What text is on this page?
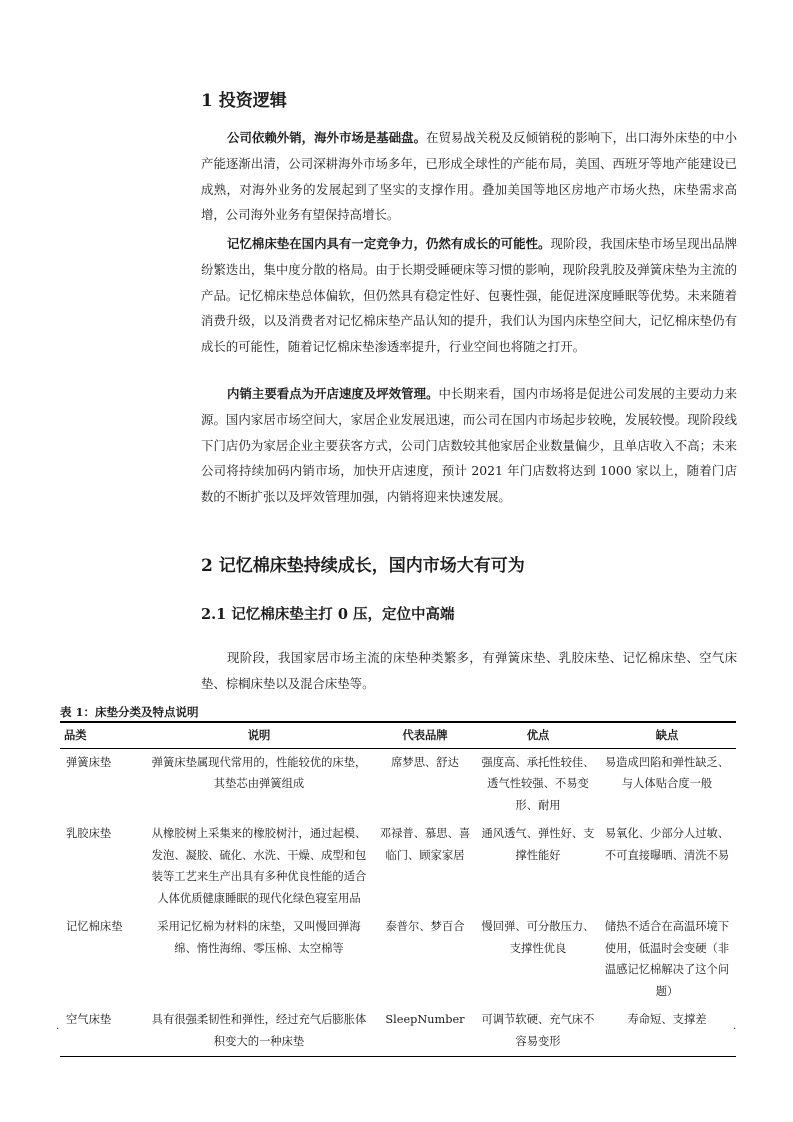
1 投资逻辑

公司依赖外销，海外市场是基础盘。在贸易战关税及反倾销税的影响下，出口海外床垫的中小产能逐渐出清，公司深耕海外市场多年，已形成全球性的产能布局，美国、西班牙等地产能建设已成熟，对海外业务的发展起到了坚实的支撑作用。叠加美国等地区房地产市场火热，床垫需求高增，公司海外业务有望保持高增长。

记忆棉床垫在国内具有一定竞争力，仍然有成长的可能性。现阶段，我国床垫市场呈现出品牌纷繁迭出，集中度分散的格局。由于长期受睡硬床等习惯的影响，现阶段乳胶及弹簧床垫为主流的产品。记忆棉床垫总体偏软，但仍然具有稳定性好、包裹性强，能促进深度睡眠等优势。未来随着消费升级，以及消费者对记忆棉床垫产品认知的提升，我们认为国内床垫空间大，记忆棉床垫仍有成长的可能性，随着记忆棉床垫渗透率提升，行业空间也将随之打开。

内销主要看点为开店速度及坪效管理。中长期来看，国内市场将是促进公司发展的主要动力来源。国内家居市场空间大，家居企业发展迅速，而公司在国内市场起步较晚，发展较慢。现阶段线下门店仍为家居企业主要获客方式，公司门店数较其他家居企业数量偏少，且单店收入不高；未来公司将持续加码内销市场，加快开店速度，预计 2021 年门店数将达到 1000 家以上，随着门店数的不断扩张以及坪效管理加强，内销将迎来快速发展。

2 记忆棉床垫持续成长，国内市场大有可为
2.1 记忆棉床垫主打 0 压，定位中高端

现阶段，我国家居市场主流的床垫种类繁多，有弹簧床垫、乳胶床垫、记忆棉床垫、空气床垫、棕榈床垫以及混合床垫等。

表 1：床垫分类及特点说明
品类	说明	代表品牌	优点	缺点
弹簧床垫	弹簧床垫属现代常用的，性能较优的床垫，其垫芯由弹簧组成	席梦思、舒达	强度高、承托性较佳、透气性较强、不易变形、耐用	易造成凹陷和弹性缺乏、与人体贴合度一般
乳胶床垫	从橡胶树上采集来的橡胶树汁，通过起模、发泡、凝胶、硫化、水洗、干燥、成型和包装等工艺来生产出具有多种优良性能的适合人体优质健康睡眠的现代化绿色寝室用品	邓禄普、慕思、喜临门、顾家家居	通风透气、弹性好、支撑性能好	易氧化、少部分人过敏、不可直接曝晒、清洗不易
记忆棉床垫	采用记忆棉为材料的床垫，又叫慢回弹海绵、惰性海绵、零压棉、太空棉等	泰普尔、梦百合	慢回弹、可分散压力、支撑性优良	储热不适合在高温环境下使用，低温时会变硬（非温感记忆棉解决了这个问题）
空气床垫	具有很强柔韧性和弹性，经过充气后膨胀体积变大的一种床垫	SleepNumber	可调节软硬、充气床不容易变形	寿命短、支撑差
.	.
